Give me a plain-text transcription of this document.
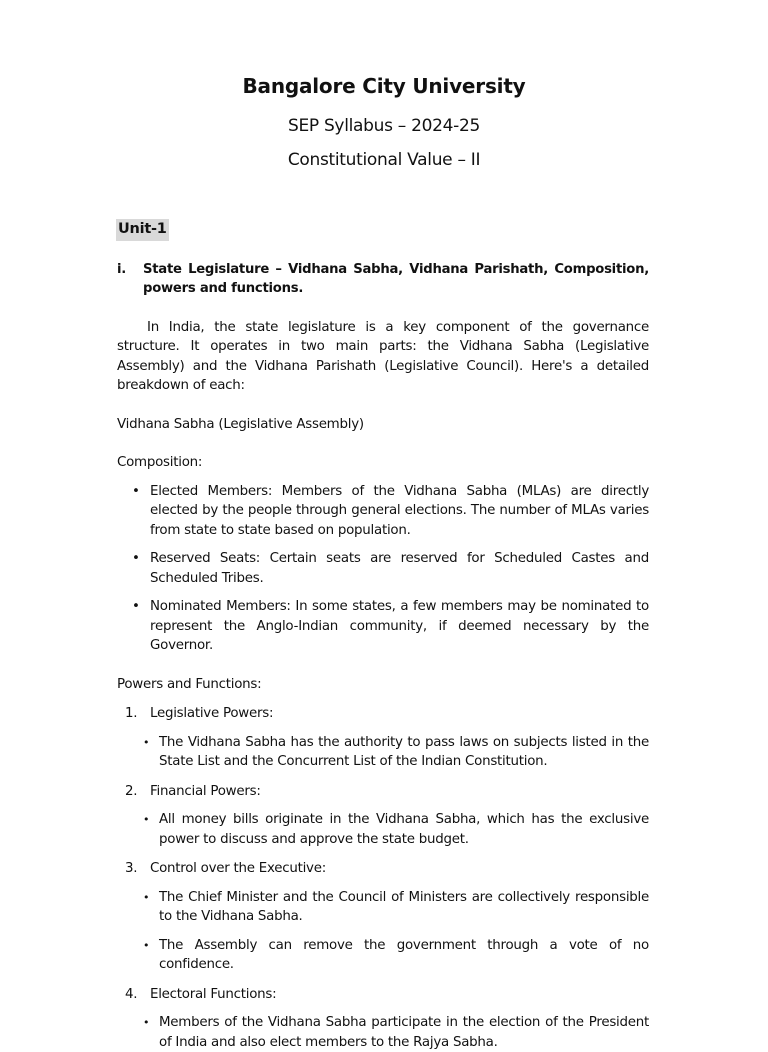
Bangalore City University
SEP Syllabus – 2024-25
Constitutional Value – II
Unit-1
i.	State Legislature – Vidhana Sabha, Vidhana Parishath, Composition, powers and functions.

In India, the state legislature is a key component of the governance structure. It operates in two main parts: the Vidhana Sabha (Legislative Assembly) and the Vidhana Parishath (Legislative Council). Here's a detailed breakdown of each:

Vidhana Sabha (Legislative Assembly)

Composition:

• Elected Members: Members of the Vidhana Sabha (MLAs) are directly elected by the people through general elections. The number of MLAs varies from state to state based on population.
• Reserved Seats: Certain seats are reserved for Scheduled Castes and Scheduled Tribes.
• Nominated Members: In some states, a few members may be nominated to represent the Anglo-Indian community, if deemed necessary by the Governor.

Powers and Functions:

1. Legislative Powers:
• The Vidhana Sabha has the authority to pass laws on subjects listed in the State List and the Concurrent List of the Indian Constitution.
2. Financial Powers:
• All money bills originate in the Vidhana Sabha, which has the exclusive power to discuss and approve the state budget.
3. Control over the Executive:
• The Chief Minister and the Council of Ministers are collectively responsible to the Vidhana Sabha.
• The Assembly can remove the government through a vote of no confidence.
4. Electoral Functions:
• Members of the Vidhana Sabha participate in the election of the President of India and also elect members to the Rajya Sabha.
